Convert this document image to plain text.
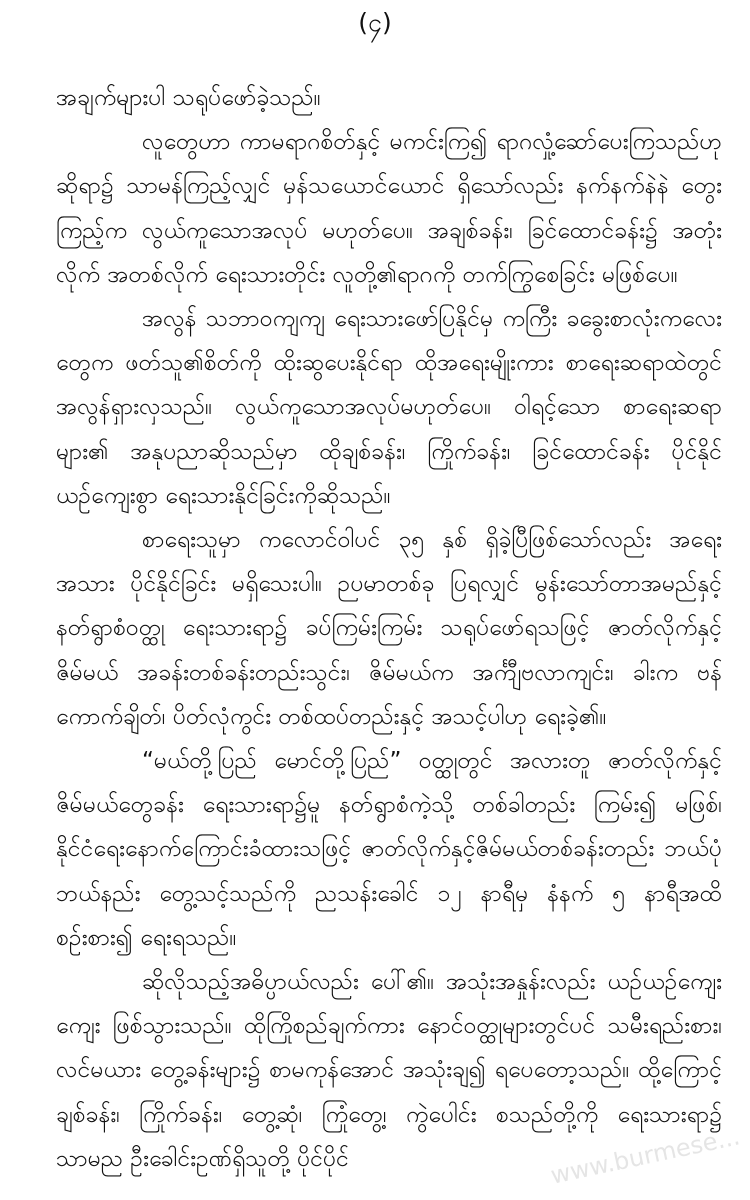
(၄)

အချက်များပါ သရုပ်ဖော်ခဲ့သည်။

လူတွေဟာ ကာမရာဂစိတ်နှင့် မကင်းကြ၍ ရာဂလှုံ့ဆော်ပေးကြသည်ဟု ဆိုရာ၌ သာမန်ကြည့်လျှင် မှန်သယောင်ယောင် ရှိသော်လည်း နက်နက်နဲနဲ တွေးကြည့်က လွယ်ကူသောအလုပ် မဟုတ်ပေ။ အချစ်ခန်း၊ ခြင်ထောင်ခန်း၌ အတုံးလိုက် အတစ်လိုက် ရေးသားတိုင်း လူတို့၏ရာဂကို တက်ကြွစေခြင်း မဖြစ်ပေ။

အလွန် သဘာဝကျကျ ရေးသားဖော်ပြနိုင်မှ ကကြီး ခခွေးစာလုံးကလေးတွေက ဖတ်သူ၏စိတ်ကို ထိုးဆွပေးနိုင်ရာ ထိုအရေးမျိုးကား စာရေးဆရာထဲတွင် အလွန်ရှားလှသည်။ လွယ်ကူသောအလုပ်မဟုတ်ပေ။ ဝါရင့်သော စာရေးဆရာများ၏ အနုပညာဆိုသည်မှာ ထိုချစ်ခန်း၊ ကြိုက်ခန်း၊ ခြင်ထောင်ခန်း ပိုင်နိုင်ယဉ်ကျေးစွာ ရေးသားနိုင်ခြင်းကိုဆိုသည်။

စာရေးသူမှာ ကလောင်ဝါပင် ၃၅ နှစ် ရှိခဲ့ပြီဖြစ်သော်လည်း အရေးအသား ပိုင်နိုင်ခြင်း မရှိသေးပါ။ ဉပမာတစ်ခု ပြရလျှင် မွန်းသော်တာအမည်နှင့် နတ်ရွာစံဝတ္ထု ရေးသားရာ၌ ခပ်ကြမ်းကြမ်း သရုပ်ဖော်ရသဖြင့် ဇာတ်လိုက်နှင့် ဇိမ်မယ် အခန်းတစ်ခန်းတည်းသွင်း၊ ဇိမ်မယ်က အင်္ကျီဗလာကျင်း၊ ခါးက ဗန်ကောက်ချိတ်၊ ပိတ်လုံကွင်း တစ်ထပ်တည်းနှင့် အသင့်ပါဟု ရေးခဲ့၏။

“မယ်တို့ပြည် မောင်တို့ပြည်” ဝတ္ထုတွင် အလားတူ ဇာတ်လိုက်နှင့်ဇိမ်မယ်တွေခန်း ရေးသားရာ၌မူ နတ်ရွာစံကဲ့သို့ တစ်ခါတည်း ကြမ်း၍ မဖြစ်၊ နိုင်ငံရေးနောက်ကြောင်းခံထားသဖြင့် ဇာတ်လိုက်နှင့်ဇိမ်မယ်တစ်ခန်းတည်း ဘယ်ပုံဘယ်နည်း တွေ့သင့်သည်ကို ညသန်းခေါင် ၁၂ နာရီမှ နံနက် ၅ နာရီအထိ စဉ်းစား၍ ရေးရသည်။

ဆိုလိုသည့်အဓိပ္ပာယ်လည်း ပေါ်၏။ အသုံးအနှုန်းလည်း ယဉ်ယဉ်ကျေးကျေး ဖြစ်သွားသည်။ ထိုကြိုစည်ချက်ကား နောင်ဝတ္ထုများတွင်ပင် သမီးရည်းစား၊ လင်မယား တွေ့ခန်းများ၌ စာမကုန်အောင် အသုံးချ၍ ရပေတော့သည်။ ထို့ကြောင့် ချစ်ခန်း၊ ကြိုက်ခန်း၊ တွေ့ဆုံ၊ ကြုံတွေ့၊ ကွဲပေါင်း စသည်တို့ကို ရေးသားရာ၌ သာမည ဦးခေါင်းဥဏ်ရှိသူတို့ ပိုင်ပိုင်	www.burmese...
